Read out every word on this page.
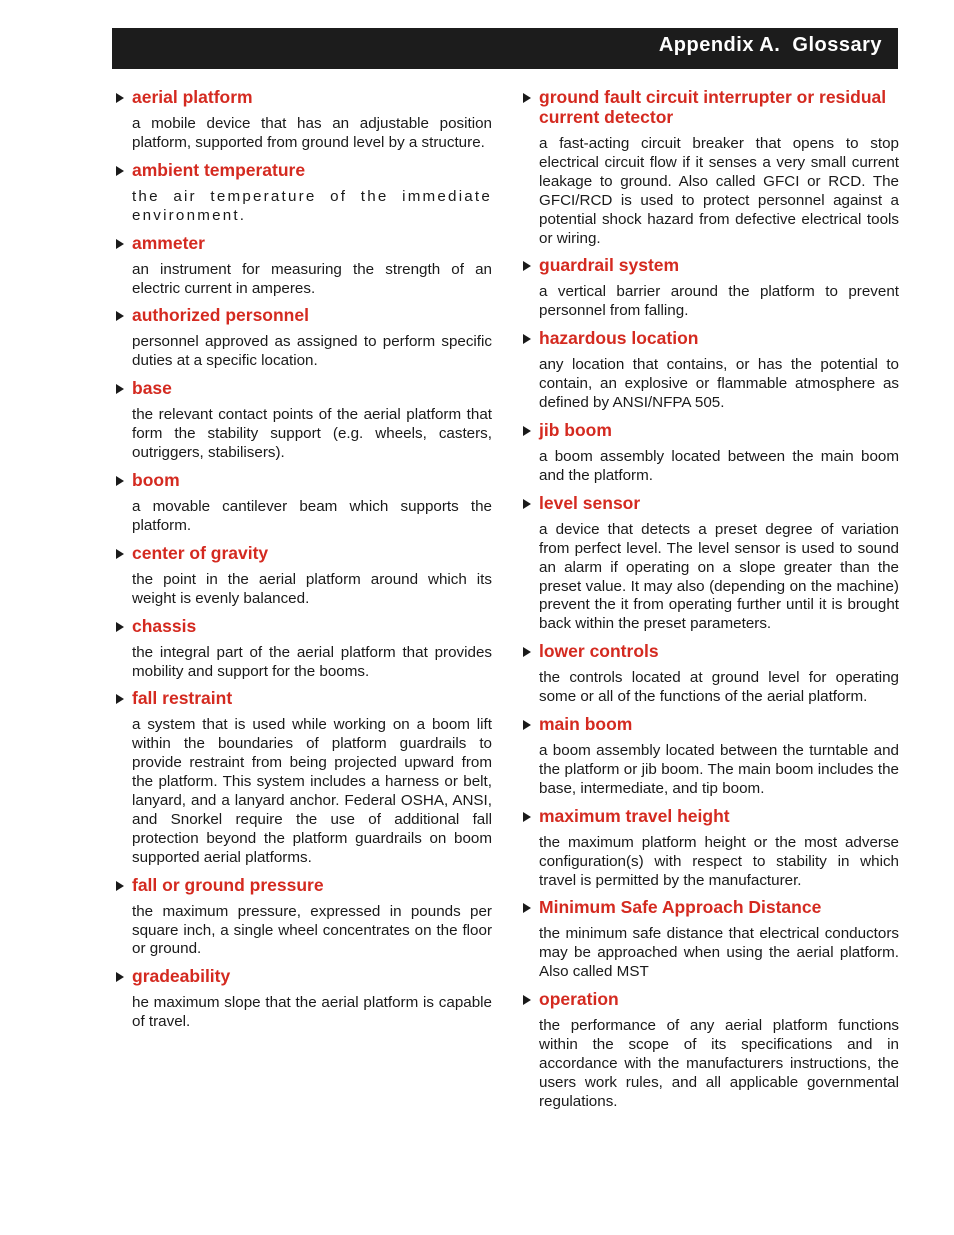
Appendix A.  Glossary
aerial platform
a mobile device that has an adjustable position platform, supported from ground level by a structure.
ambient temperature
the air temperature of the immediate environment.
ammeter
an instrument for measuring the strength of an electric current in amperes.
authorized personnel
personnel approved as assigned to perform specific duties at a specific location.
base
the relevant contact points of the aerial platform that form the stability support (e.g. wheels, casters, outriggers, stabilisers).
boom
a movable cantilever beam which supports the platform.
center of gravity
the point in the aerial platform around which its weight is evenly balanced.
chassis
the integral part of the aerial platform that provides mobility and support for the booms.
fall restraint
a system that is used while working on a boom lift within the boundaries of platform guardrails to provide restraint from being projected upward from the platform. This system includes a harness or belt, lanyard, and a lanyard anchor. Federal OSHA, ANSI, and Snorkel require the use of additional fall protection beyond the platform guardrails on boom supported aerial platforms.
fall or ground pressure
the maximum pressure, expressed in pounds per square inch, a single wheel concentrates on the floor or ground.
gradeability
he maximum slope that the aerial platform is capable of travel.
ground fault circuit interrupter or residual current detector
a fast-acting circuit breaker that opens to stop electrical circuit flow if it senses a very small current leakage to ground. Also called GFCI or RCD. The GFCI/RCD is used to protect personnel against a potential shock hazard from defective electrical tools or wiring.
guardrail system
a vertical barrier around the platform to prevent personnel from falling.
hazardous location
any location that contains, or has the potential to contain, an explosive or flammable atmosphere as defined by ANSI/NFPA 505.
jib boom
a boom assembly located between the main boom and the platform.
level sensor
a device that detects a preset degree of variation from perfect level. The level sensor is used to sound an alarm if operating on a slope greater than the preset value. It may also (depending on the machine) prevent the it from operating further until it is brought back within the preset parameters.
lower controls
the controls located at ground level for operating some or all of the functions of the aerial platform.
main boom
a boom assembly located between the turntable and the platform or jib boom. The main boom includes the base, intermediate, and tip boom.
maximum travel height
the maximum platform height or the most adverse configuration(s) with respect to stability in which travel is permitted by the manufacturer.
Minimum Safe Approach Distance
the minimum safe distance that electrical conductors may be approached when using the aerial platform. Also called MST
operation
the performance of any aerial platform functions within the scope of its specifications and in accordance with the manufacturers instructions, the users work rules, and all applicable governmental regulations.
